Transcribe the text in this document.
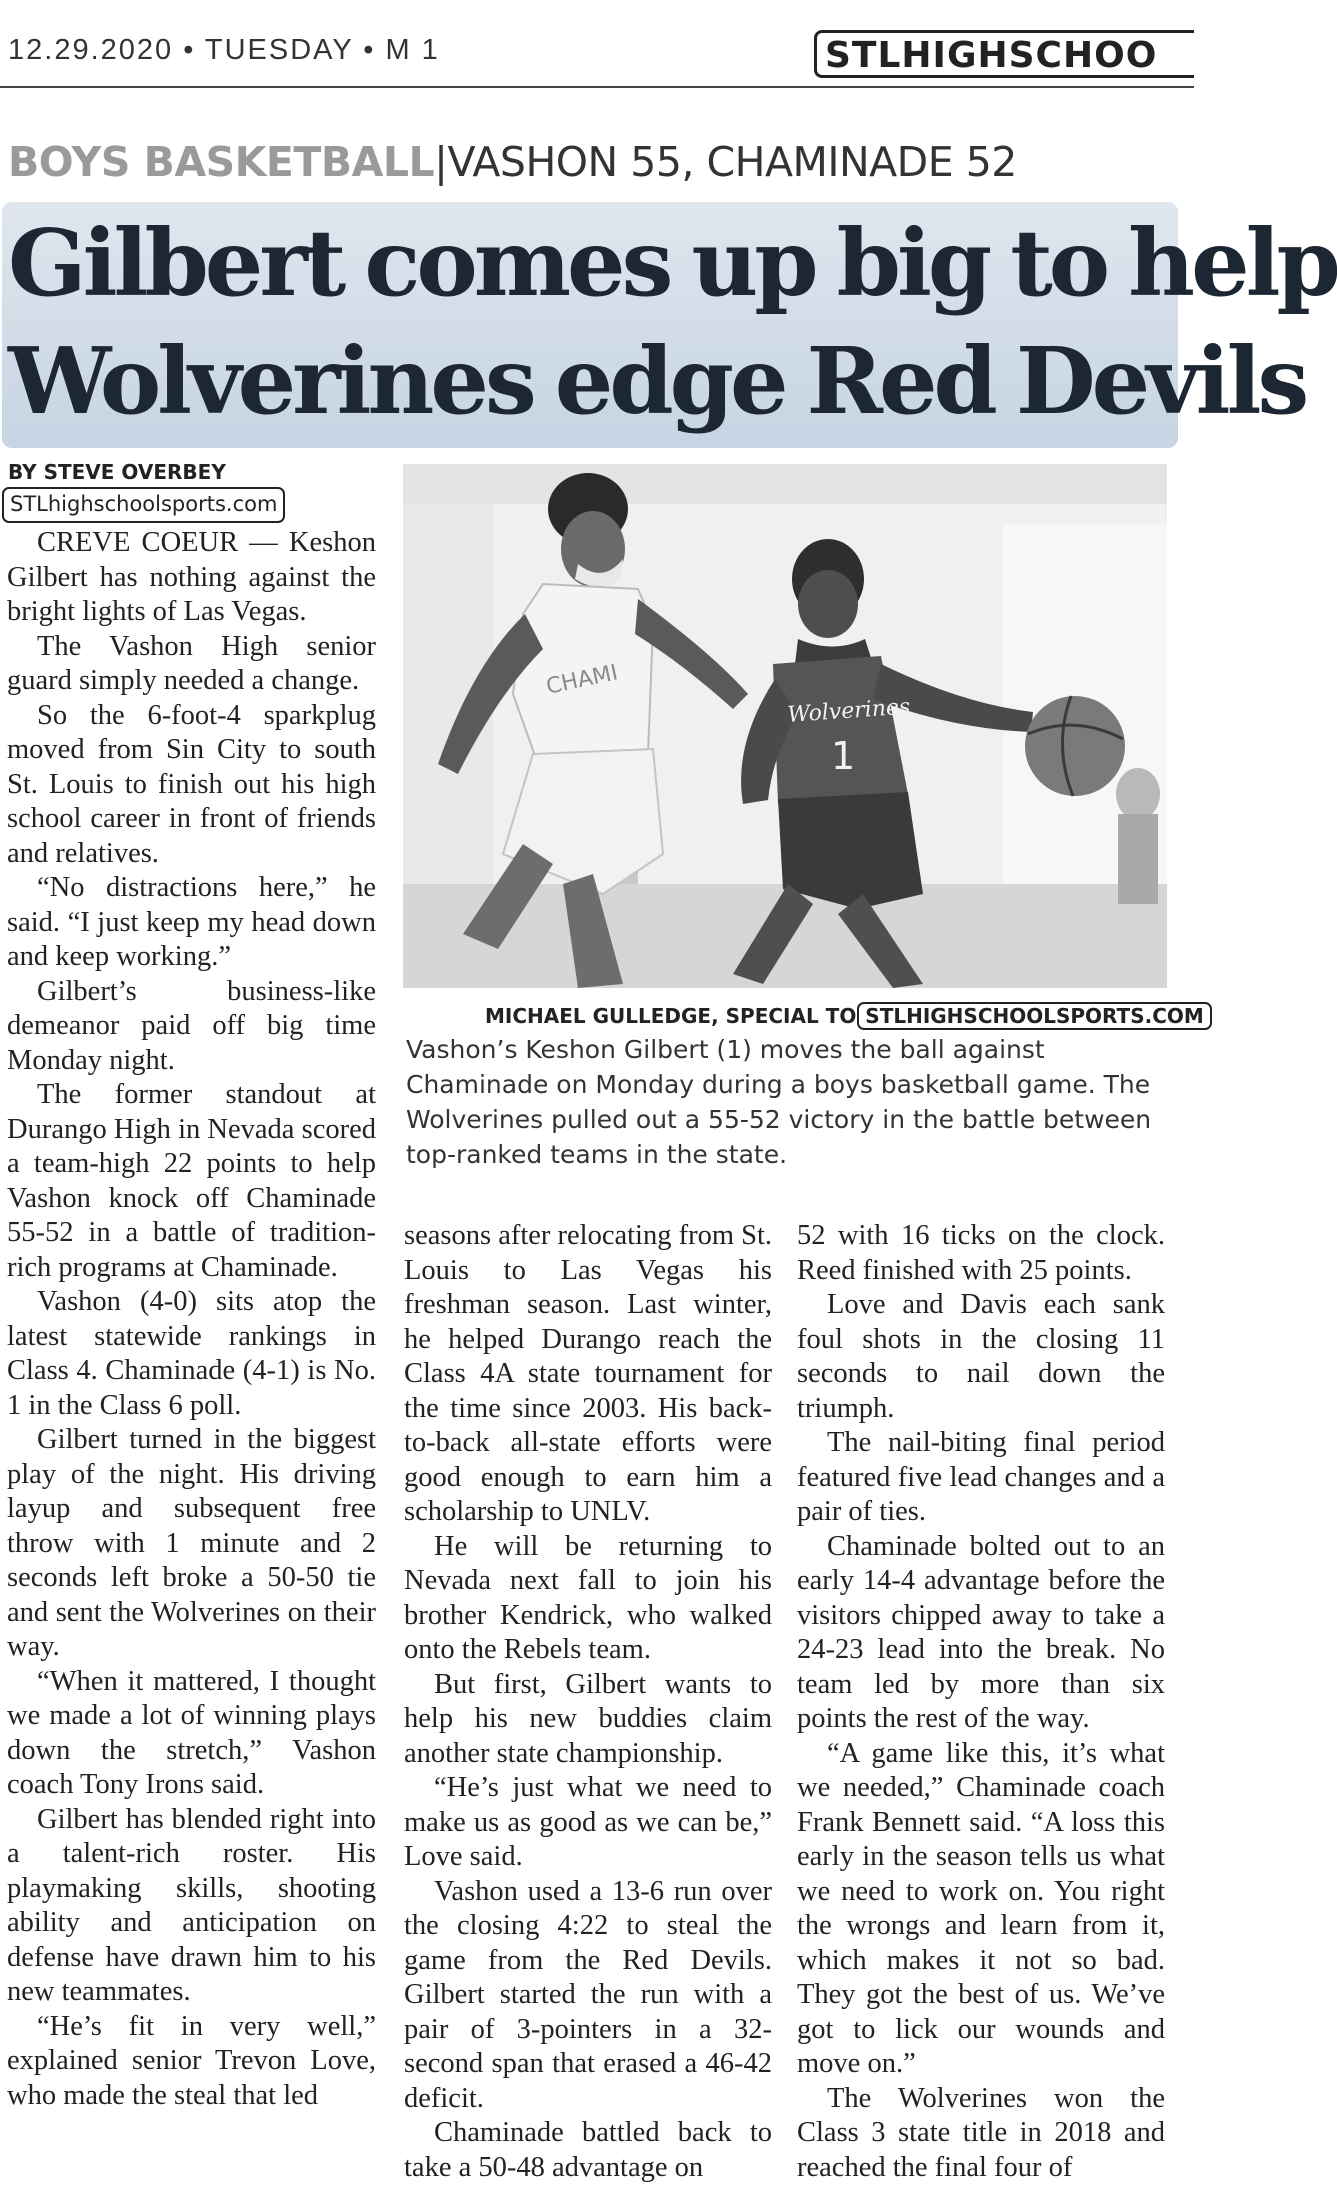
12.29.2020 • TUESDAY • M 1	STLHIGHSCHOO
BOYS BASKETBALL|VASHON 55, CHAMINADE 52
Gilbert comes up big to help
Wolverines edge Red Devils
BY STEVE OVERBEY
STLhighschoolsports.com
CHAMI
Wolverines
1
MICHAEL GULLEDGE, SPECIAL TO STLHIGHSCHOOLSPORTS.COM

Vashon’s Keshon Gilbert (1) moves the ball against Chaminade on Monday during a boys basketball game. The Wolverines pulled out a 55-52 victory in the battle between top-ranked teams in the state.

CREVE COEUR — Keshon Gilbert has nothing against the bright lights of Las Vegas.

The Vashon High senior guard simply needed a change.

So the 6-foot-4 sparkplug moved from Sin City to south St. Louis to finish out his high school career in front of friends and relatives.

“No distractions here,” he said. “I just keep my head down and keep working.”

Gilbert’s business-like demeanor paid off big time Monday night.

The former standout at Durango High in Nevada scored a team-high 22 points to help Vashon knock off Chaminade 55-52 in a battle of tradition-rich programs at Chaminade.

Vashon (4-0) sits atop the latest statewide rankings in Class 4. Chaminade (4-1) is No. 1 in the Class 6 poll.

Gilbert turned in the biggest play of the night. His driving layup and subsequent free throw with 1 minute and 2 seconds left broke a 50-50 tie and sent the Wolverines on their way.

“When it mattered, I thought we made a lot of winning plays down the stretch,” Vashon coach Tony Irons said.

Gilbert has blended right into a talent-rich roster. His playmaking skills, shooting ability and anticipation on defense have drawn him to his new teammates.

“He’s fit in very well,” explained senior Trevon Love, who made the steal that led

seasons after relocating from St. Louis to Las Vegas his freshman season. Last winter, he helped Durango reach the Class 4A state tournament for the time since 2003. His back-to-back all-state efforts were good enough to earn him a scholarship to UNLV.

He will be returning to Nevada next fall to join his brother Kendrick, who walked onto the Rebels team.

But first, Gilbert wants to help his new buddies claim another state championship.

“He’s just what we need to make us as good as we can be,” Love said.

Vashon used a 13-6 run over the closing 4:22 to steal the game from the Red Devils. Gilbert started the run with a pair of 3-pointers in a 32-second span that erased a 46-42 deficit.

Chaminade battled back to take a 50-48 advantage on

52 with 16 ticks on the clock. Reed finished with 25 points.

Love and Davis each sank foul shots in the closing 11 seconds to nail down the triumph.

The nail-biting final period featured five lead changes and a pair of ties.

Chaminade bolted out to an early 14-4 advantage before the visitors chipped away to take a 24-23 lead into the break. No team led by more than six points the rest of the way.

“A game like this, it’s what we needed,” Chaminade coach Frank Bennett said. “A loss this early in the season tells us what we need to work on. You right the wrongs and learn from it, which makes it not so bad. They got the best of us. We’ve got to lick our wounds and move on.”

The Wolverines won the Class 3 state title in 2018 and reached the final four of
